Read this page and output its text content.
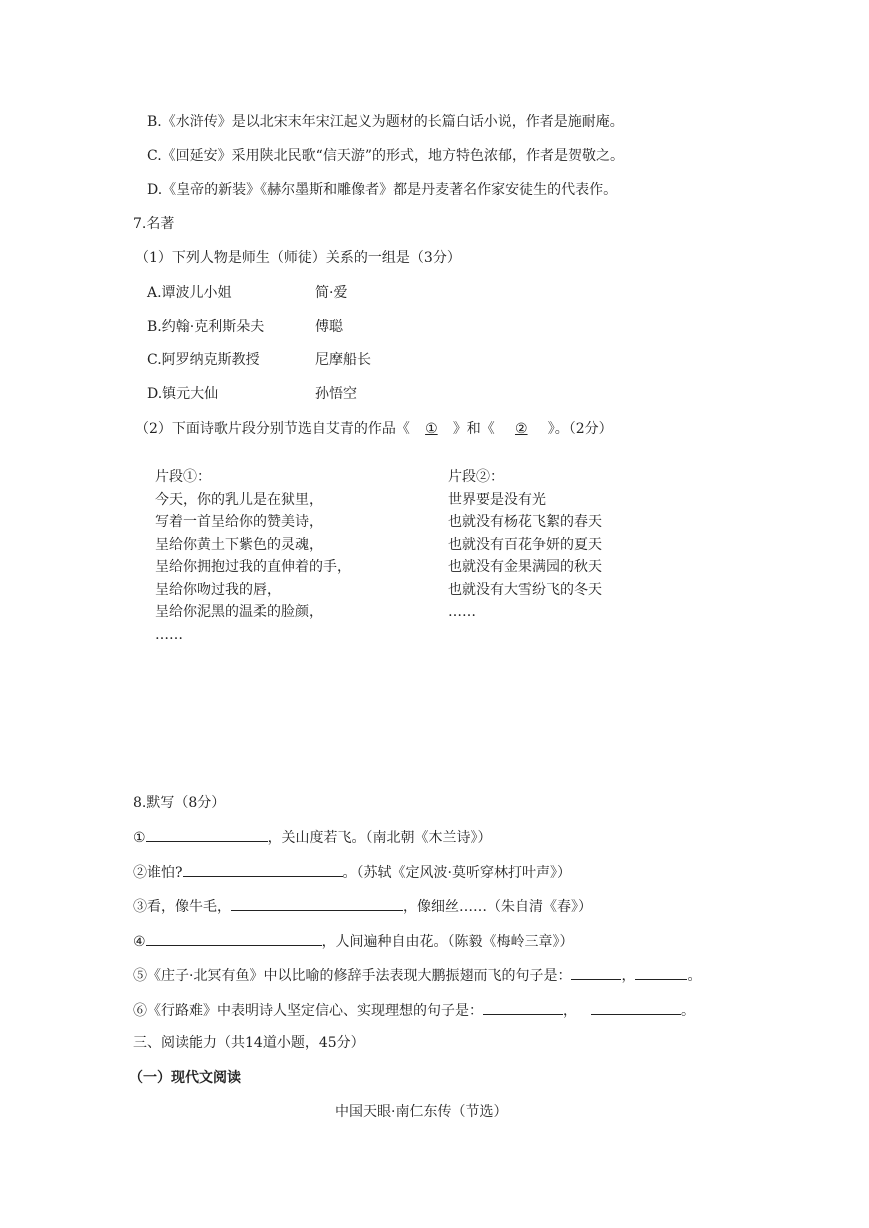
B.《水浒传》是以北宋末年宋江起义为题材的长篇白话小说，作者是施耐庵。
C.《回延安》采用陕北民歌“信天游”的形式，地方特色浓郁，作者是贺敬之。
D.《皇帝的新装》《赫尔墨斯和雕像者》都是丹麦著名作家安徒生的代表作。
7.名著
（1）下列人物是师生（师徒）关系的一组是（3分）
A.谭波儿小姐	简·爱
B.约翰·克利斯朵夫	傅聪
C.阿罗纳克斯教授	尼摩船长
D.镇元大仙	孙悟空
（2）下面诗歌片段分别节选自艾青的作品《 ① 》和《 ② 》。（2分）
片段①：
今天，你的乳儿是在狱里，
写着一首呈给你的赞美诗，
呈给你黄土下紫色的灵魂，
呈给你拥抱过我的直伸着的手，
呈给你吻过我的唇，
呈给你泥黑的温柔的脸颜，
……
片段②：
世界要是没有光
也就没有杨花飞絮的春天
也就没有百花争妍的夏天
也就没有金果满园的秋天
也就没有大雪纷飞的冬天
……
8.默写（8分）
①	，关山度若飞。（南北朝《木兰诗》）
②谁怕?	。（苏轼《定风波·莫听穿林打叶声》）
③看，像牛毛，	，像细丝……（朱自清《春》）
④	，人间遍种自由花。（陈毅《梅岭三章》）
⑤《庄子·北冥有鱼》中以比喻的修辞手法表现大鹏振翅而飞的句子是：	，	。
⑥《行路难》中表明诗人坚定信心、实现理想的句子是：	，	。
三、阅读能力（共14道小题，45分）
（一）现代文阅读
中国天眼·南仁东传（节选）
